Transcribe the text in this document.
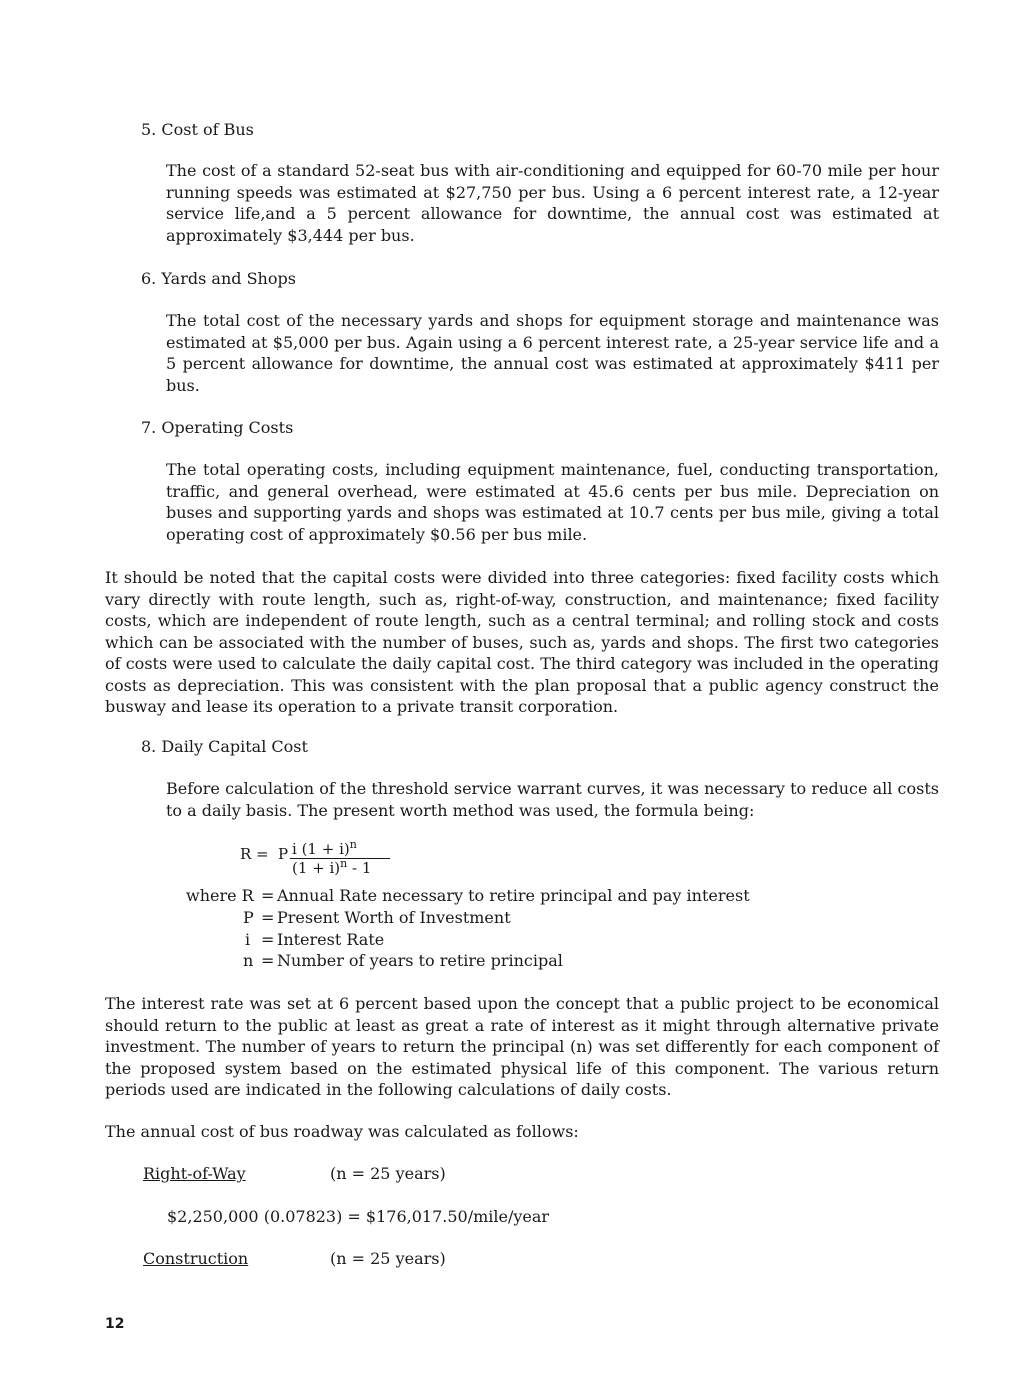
5. Cost of Bus

The cost of a standard 52-seat bus with air-conditioning and equipped for 60-70 mile per hour running speeds was estimated at $27,750 per bus. Using a 6 percent interest rate, a 12-year service life,and a 5 percent allowance for downtime, the annual cost was estimated at approximately $3,444 per bus.

6. Yards and Shops

The total cost of the necessary yards and shops for equipment storage and maintenance was estimated at $5,000 per bus. Again using a 6 percent interest rate, a 25-year service life and a 5 percent allowance for downtime, the annual cost was estimated at approximately $411 per bus.

7. Operating Costs

The total operating costs, including equipment maintenance, fuel, conducting transportation, traffic, and general overhead, were estimated at 45.6 cents per bus mile. Depreciation on buses and supporting yards and shops was estimated at 10.7 cents per bus mile, giving a total operating cost of approximately $0.56 per bus mile.

It should be noted that the capital costs were divided into three categories: fixed facility costs which vary directly with route length, such as, right-of-way, construction, and maintenance; fixed facility costs, which are independent of route length, such as a central terminal; and rolling stock and costs which can be associated with the number of buses, such as, yards and shops. The first two categories of costs were used to calculate the daily capital cost. The third category was included in the operating costs as depreciation. This was consistent with the plan proposal that a public agency construct the busway and lease its operation to a private transit corporation.

8. Daily Capital Cost

Before calculation of the threshold service warrant curves, it was necessary to reduce all costs to a daily basis. The present worth method was used, the formula being:

R = P i $(1 + i)^n$
$(1 + i)^n - 1$
where R = Annual Rate necessary to retire principal and pay interest
P = Present Worth of Investment
i = Interest Rate
n = Number of years to retire principal

The interest rate was set at 6 percent based upon the concept that a public project to be economical should return to the public at least as great a rate of interest as it might through alternative private investment. The number of years to return the principal (n) was set differently for each component of the proposed system based on the estimated physical life of this component. The various return periods used are indicated in the following calculations of daily costs.

The annual cost of bus roadway was calculated as follows:

Right-of-Way	(n = 25 years)
$2,250,000 (0.07823) = $176,017.50/mile/year
Construction	(n = 25 years)
12
